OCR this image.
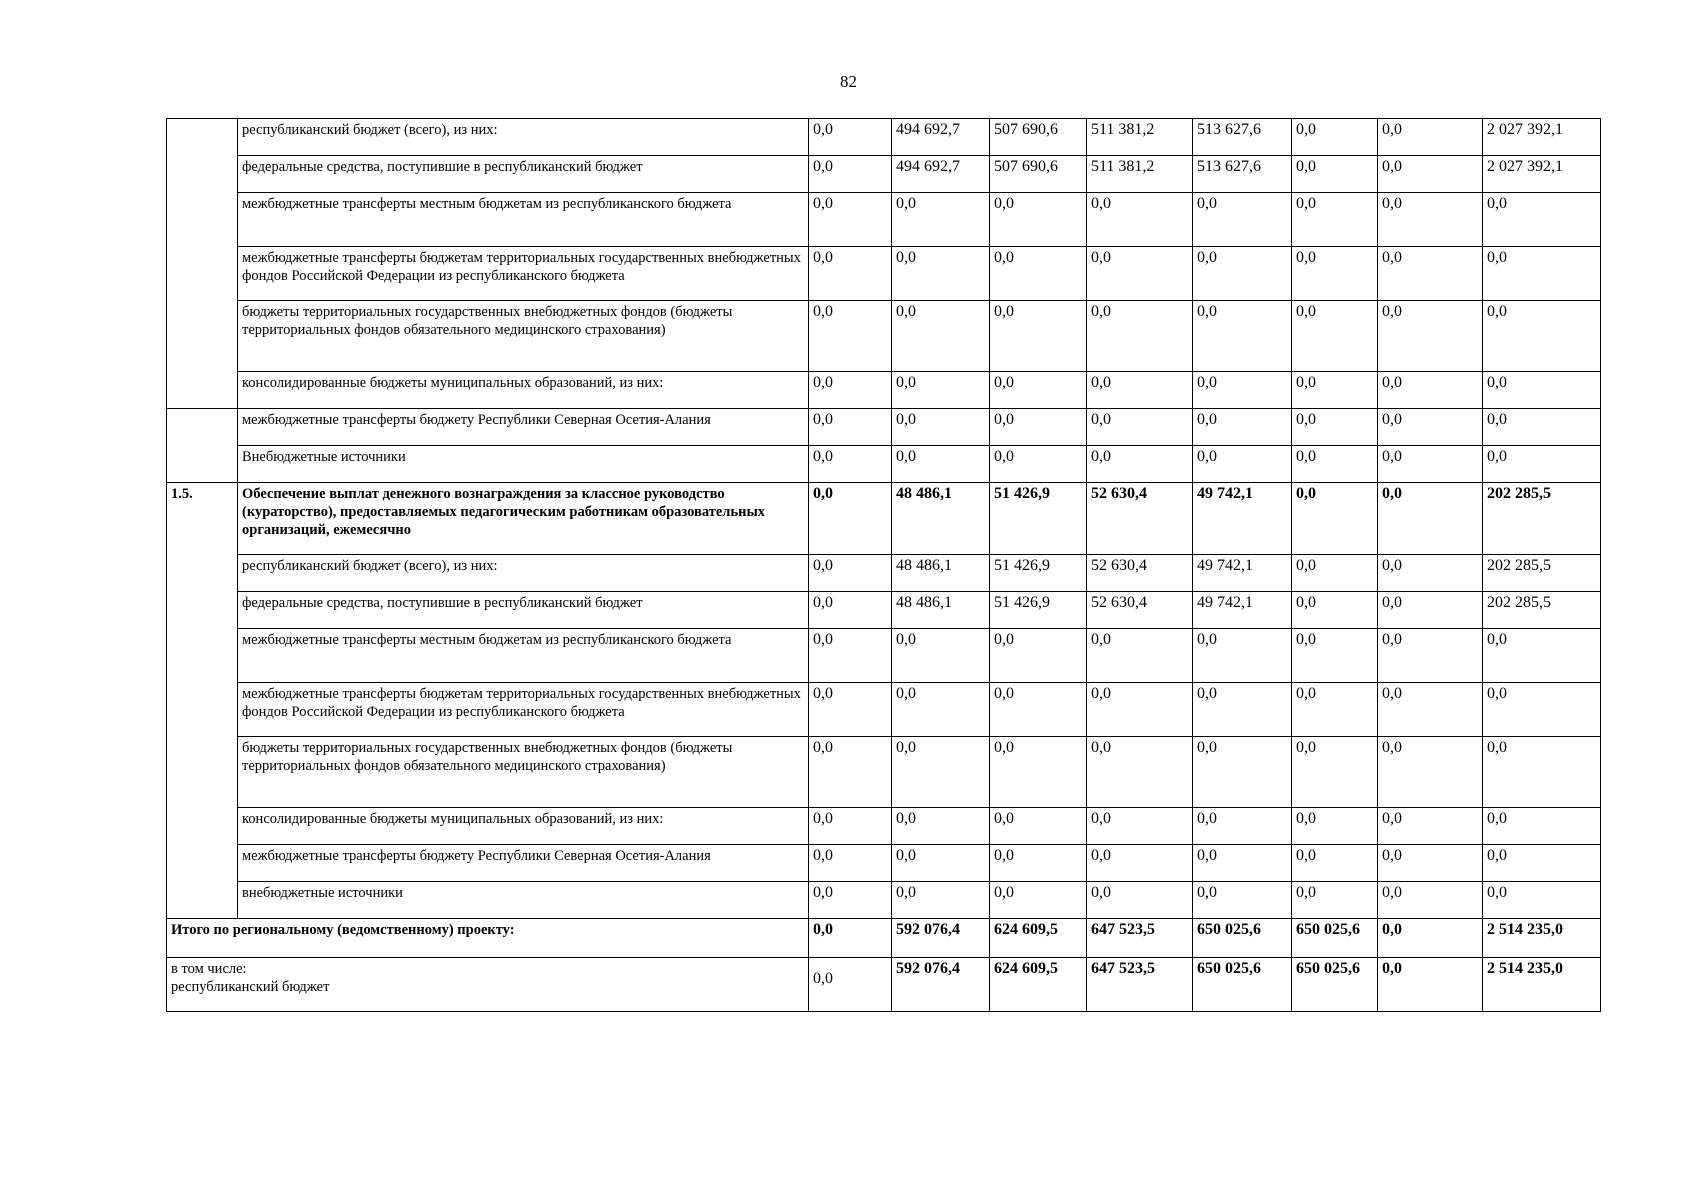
82
	республиканский бюджет (всего), из них:	0,0	494 692,7	507 690,6	511 381,2	513 627,6	0,0	0,0	2 027 392,1
	федеральные средства, поступившие в республиканский бюджет	0,0	494 692,7	507 690,6	511 381,2	513 627,6	0,0	0,0	2 027 392,1
	межбюджетные трансферты местным бюджетам из республиканского бюджета	0,0	0,0	0,0	0,0	0,0	0,0	0,0	0,0
	межбюджетные трансферты бюджетам территориальных государственных внебюджетных фондов Российской Федерации из республиканского бюджета	0,0	0,0	0,0	0,0	0,0	0,0	0,0	0,0
	бюджеты территориальных государственных внебюджетных фондов (бюджеты территориальных фондов обязательного медицинского страхования)	0,0	0,0	0,0	0,0	0,0	0,0	0,0	0,0
	консолидированные бюджеты муниципальных образований, из них:	0,0	0,0	0,0	0,0	0,0	0,0	0,0	0,0
	межбюджетные трансферты бюджету Республики Северная Осетия-Алания	0,0	0,0	0,0	0,0	0,0	0,0	0,0	0,0
	Внебюджетные источники	0,0	0,0	0,0	0,0	0,0	0,0	0,0	0,0
1.5.	Обеспечение выплат денежного вознаграждения за классное руководство (кураторство), предоставляемых педагогическим работникам образовательных организаций, ежемесячно	0,0	48 486,1	51 426,9	52 630,4	49 742,1	0,0	0,0	202 285,5
	республиканский бюджет (всего), из них:	0,0	48 486,1	51 426,9	52 630,4	49 742,1	0,0	0,0	202 285,5
	федеральные средства, поступившие в республиканский бюджет	0,0	48 486,1	51 426,9	52 630,4	49 742,1	0,0	0,0	202 285,5
	межбюджетные трансферты местным бюджетам из республиканского бюджета	0,0	0,0	0,0	0,0	0,0	0,0	0,0	0,0
	межбюджетные трансферты бюджетам территориальных государственных внебюджетных фондов Российской Федерации из республиканского бюджета	0,0	0,0	0,0	0,0	0,0	0,0	0,0	0,0
	бюджеты территориальных государственных внебюджетных фондов (бюджеты территориальных фондов обязательного медицинского страхования)	0,0	0,0	0,0	0,0	0,0	0,0	0,0	0,0
	консолидированные бюджеты муниципальных образований, из них:	0,0	0,0	0,0	0,0	0,0	0,0	0,0	0,0
	межбюджетные трансферты бюджету Республики Северная Осетия-Алания	0,0	0,0	0,0	0,0	0,0	0,0	0,0	0,0
	внебюджетные источники	0,0	0,0	0,0	0,0	0,0	0,0	0,0	0,0
Итого по региональному (ведомственному) проекту:		0,0	592 076,4	624 609,5	647 523,5	650 025,6	650 025,6	0,0	2 514 235,0

в том числе:
республиканский бюджет		0,0	592 076,4	624 609,5	647 523,5	650 025,6	650 025,6	0,0	2 514 235,0
